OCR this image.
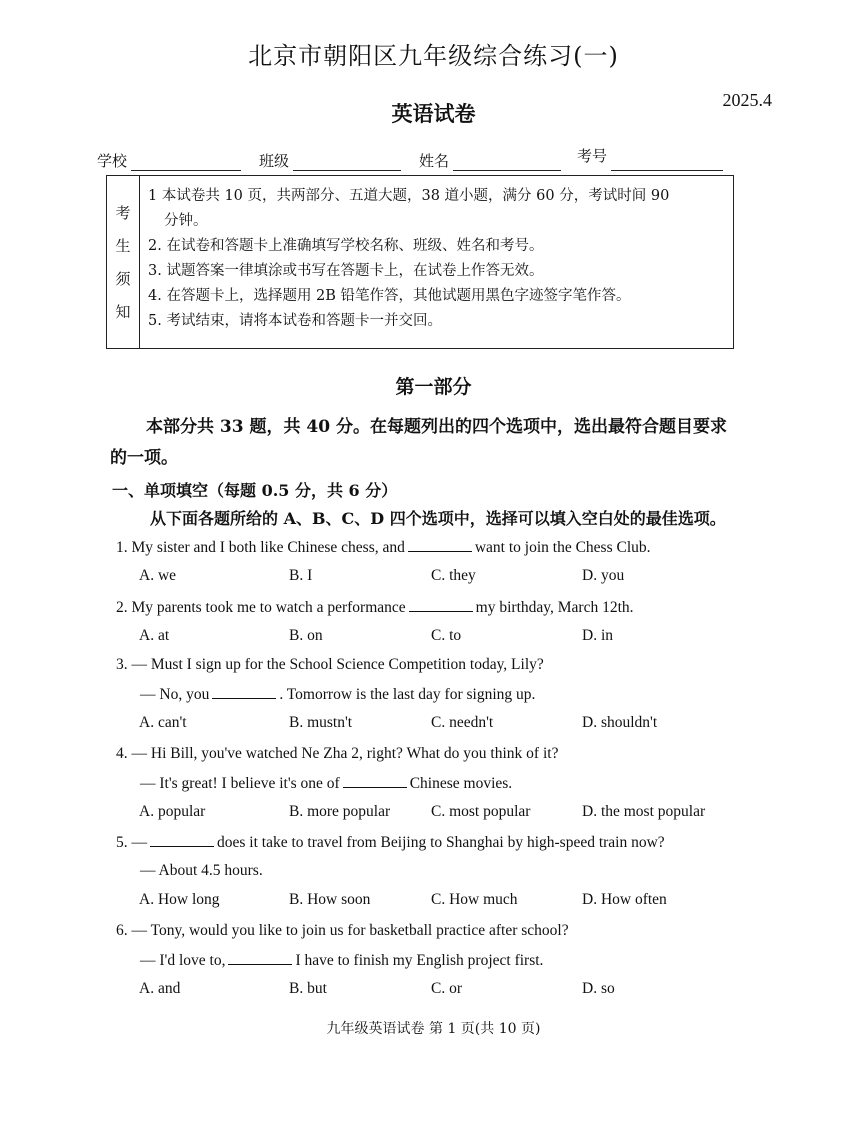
北京市朝阳区九年级综合练习(一)
2025.4
英语试卷
学校	班级	姓名	考号
考
生
须
知
1 本试卷共 10 页，共两部分、五道大题，38 道小题，满分 60 分，考试时间 90
分钟。
2. 在试卷和答题卡上准确填写学校名称、班级、姓名和考号。
3. 试题答案一律填涂或书写在答题卡上，在试卷上作答无效。
4. 在答题卡上，选择题用 2B 铅笔作答，其他试题用黑色字迹签字笔作答。
5. 考试结束，请将本试卷和答题卡一并交回。
第一部分
本部分共 33 题，共 40 分。在每题列出的四个选项中，选出最符合题目要求的一项。
一、单项填空（每题 0.5 分，共 6 分）
从下面各题所给的 A、B、C、D 四个选项中，选择可以填入空白处的最佳选项。
1. My sister and I both like Chinese chess, and	want to join the Chess Club.
A. we	B. I	C. they	D. you
2. My parents took me to watch a performance	my birthday, March 12th.
A. at	B. on	C. to	D. in
3. — Must I sign up for the School Science Competition today, Lily?
— No, you	. Tomorrow is the last day for signing up.
A. can't	B. mustn't	C. needn't	D. shouldn't
4. — Hi Bill, you've watched Ne Zha 2, right? What do you think of it?
— It's great! I believe it's one of	Chinese movies.
A. popular	B. more popular	C. most popular	D. the most popular
5. —	does it take to travel from Beijing to Shanghai by high-speed train now?
— About 4.5 hours.
A. How long	B. How soon	C. How much	D. How often
6. — Tony, would you like to join us for basketball practice after school?
— I'd love to,	I have to finish my English project first.
A. and	B. but	C. or	D. so
九年级英语试卷 第 1 页(共 10 页)
